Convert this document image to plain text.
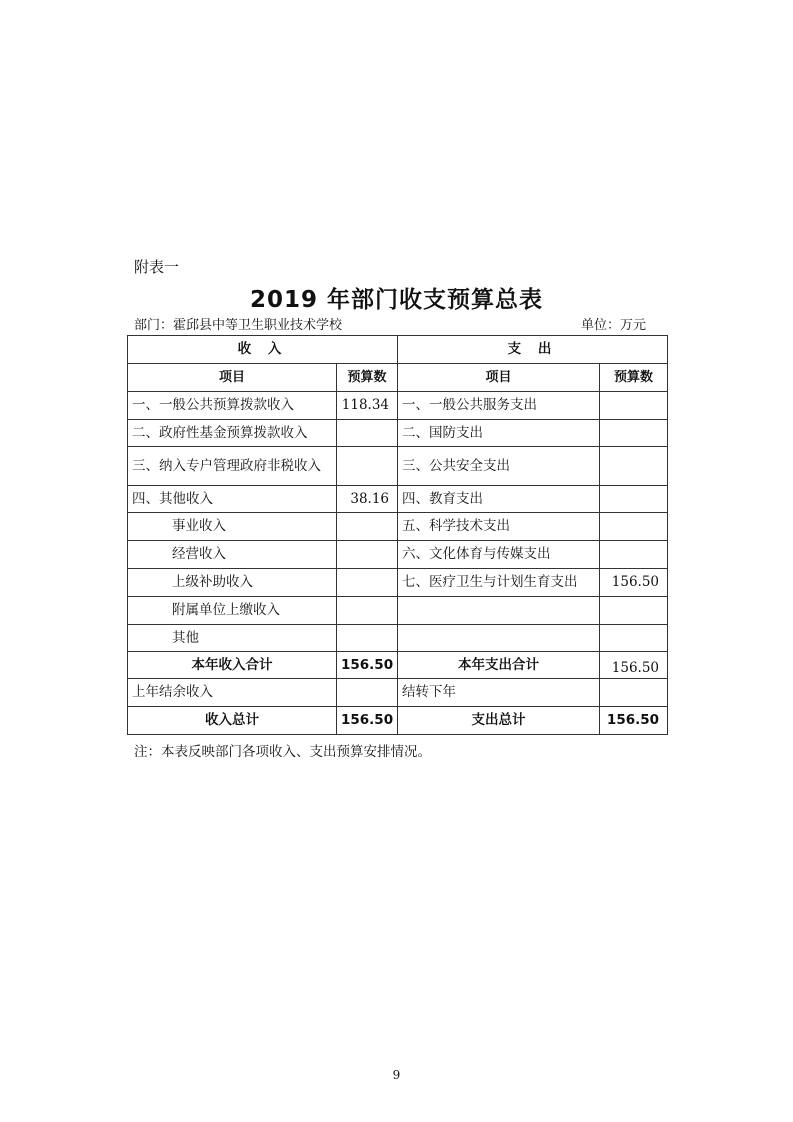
附表一
2019 年部门收支预算总表
部门：霍邱县中等卫生职业技术学校	单位：万元
收 入		支 出	
项目	预算数	项目	预算数
一、一般公共预算拨款收入	118.34	一、一般公共服务支出	
二、政府性基金预算拨款收入		二、国防支出	
三、纳入专户管理政府非税收入		三、公共安全支出	
四、其他收入	38.16	四、教育支出	
事业收入		五、科学技术支出	
经营收入		六、文化体育与传媒支出	
上级补助收入		七、医疗卫生与计划生育支出	156.50
附属单位上缴收入			
其他			
本年收入合计	156.50	本年支出合计	156.50
上年结余收入		结转下年	
收入总计	156.50	支出总计	156.50
注：本表反映部门各项收入、支出预算安排情况。
9
